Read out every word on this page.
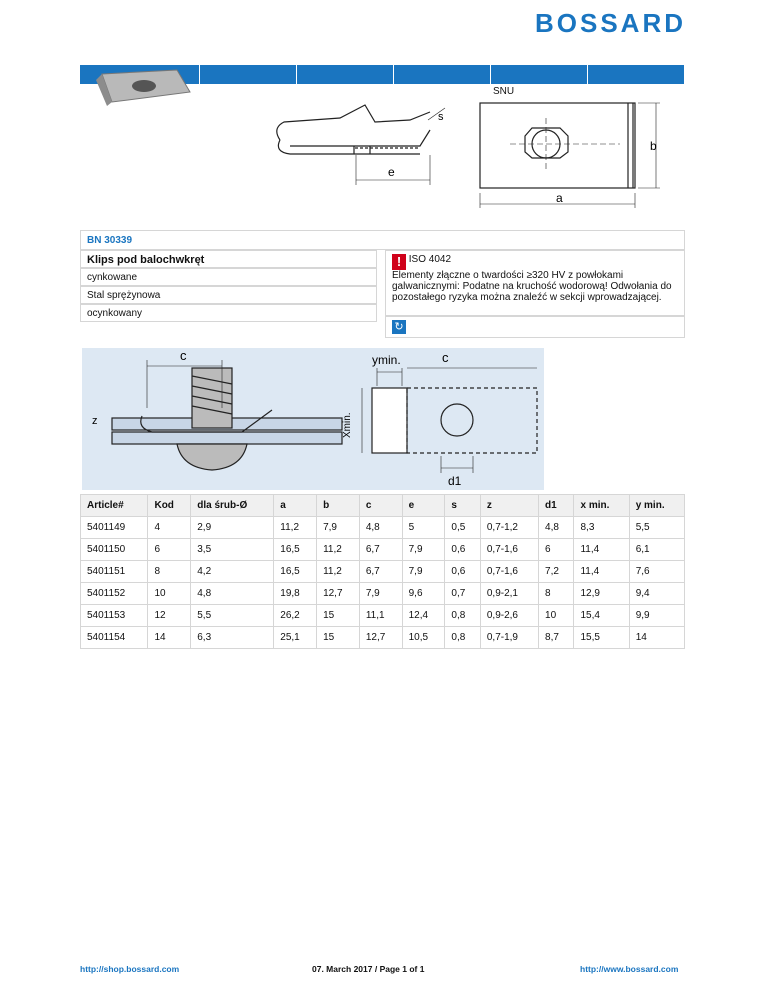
BOSSARD
SNU
e
s
a
b
BN 30339
Klips pod balochwkręt
cynkowane
Stal sprężynowa
ocynkowany
! ISO 4042
Elementy złączne o twardości ≥320 HV z powłokami galwanicznymi: Podatne na kruchość wodorową! Odwołania do pozostałego ryzyka można znaleźć w sekcji wprowadzającej.
↻
c
z
ymin.	c
Xmin.
d1
Article#	Kod	dla śrub-Ø	a	b	c	e	s	z	d1	x min.	y min.
5401149	4	2,9	11,2	7,9	4,8	5	0,5	0,7-1,2	4,8	8,3	5,5
5401150	6	3,5	16,5	11,2	6,7	7,9	0,6	0,7-1,6	6	11,4	6,1
5401151	8	4,2	16,5	11,2	6,7	7,9	0,6	0,7-1,6	7,2	11,4	7,6
5401152	10	4,8	19,8	12,7	7,9	9,6	0,7	0,9-2,1	8	12,9	9,4
5401153	12	5,5	26,2	15	11,1	12,4	0,8	0,9-2,6	10	15,4	9,9
5401154	14	6,3	25,1	15	12,7	10,5	0,8	0,7-1,9	8,7	15,5	14
http://shop.bossard.com	07. March 2017 / Page 1 of 1	http://www.bossard.com
